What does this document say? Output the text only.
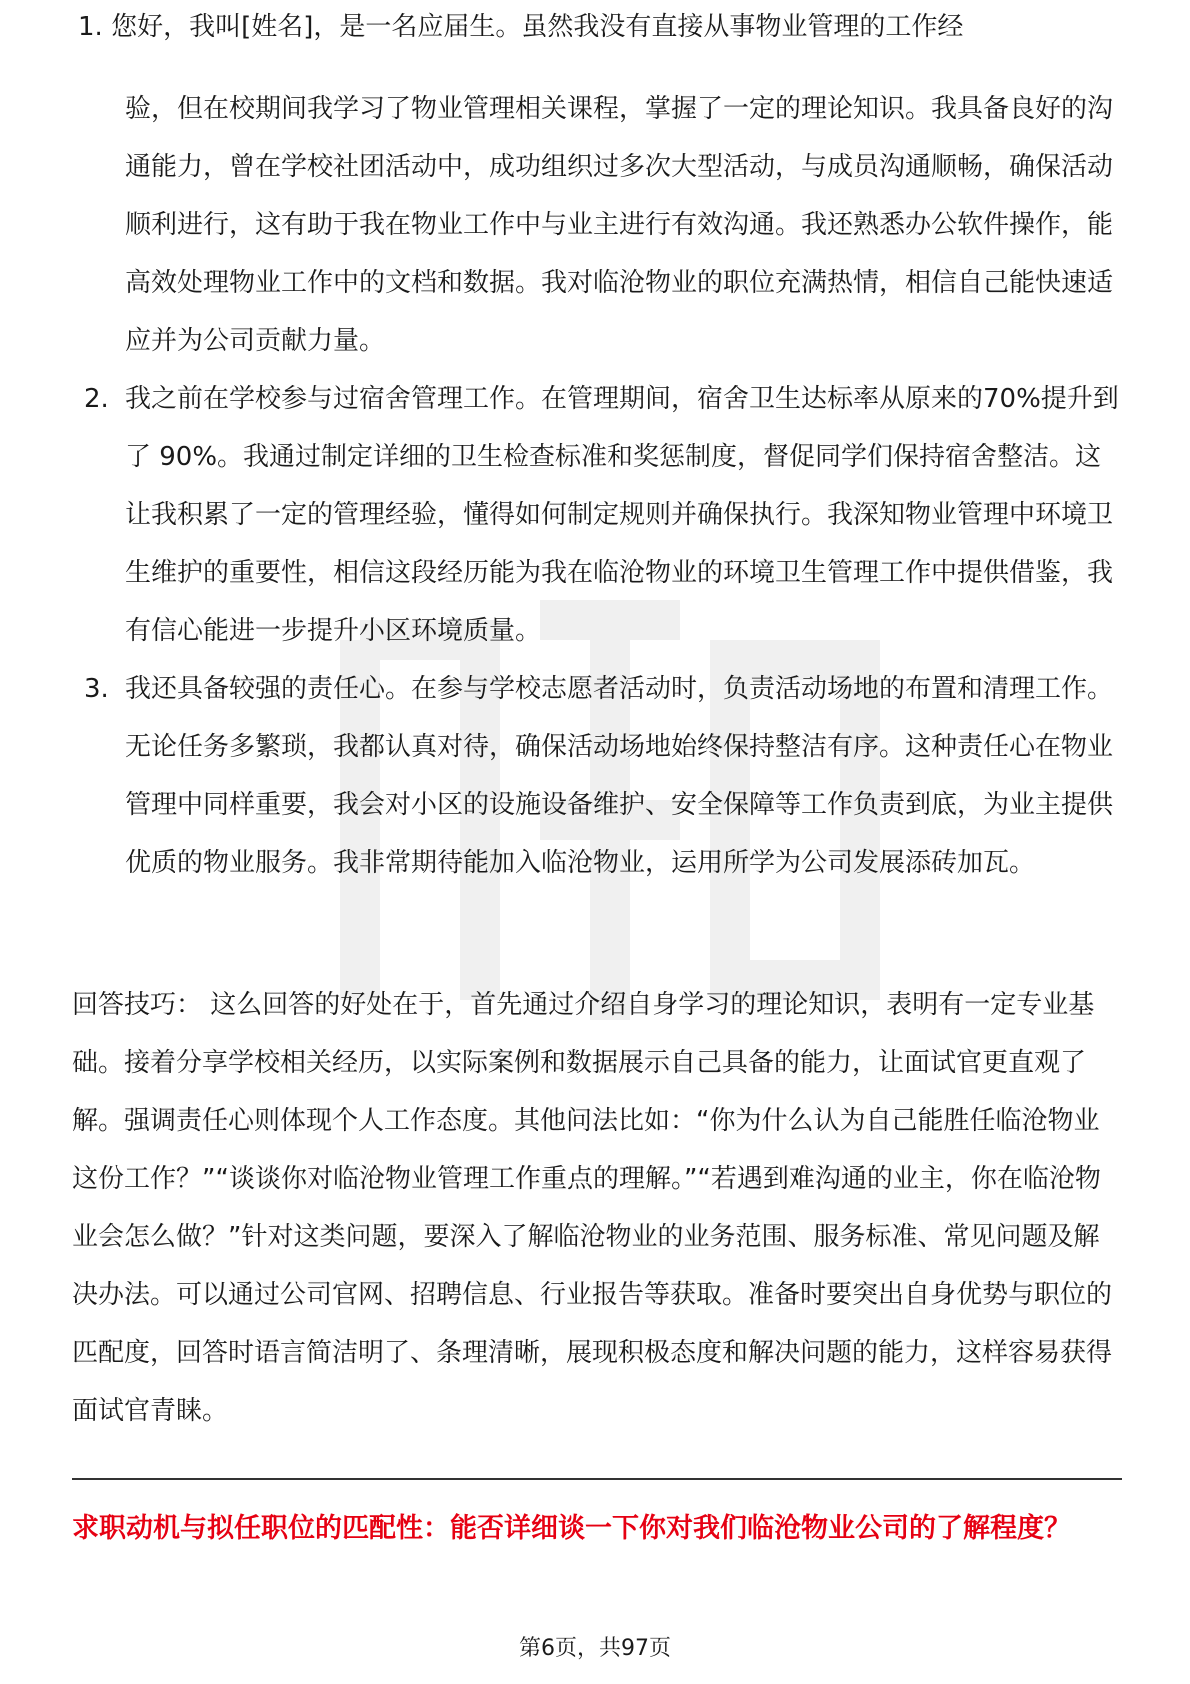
1. 您好，我叫[姓名]，是一名应届生。虽然我没有直接从事物业管理的工作经
验，但在校期间我学习了物业管理相关课程，掌握了一定的理论知识。我具备良好的沟通能力，曾在学校社团活动中，成功组织过多次大型活动，与成员沟通顺畅，确保活动顺利进行，这有助于我在物业工作中与业主进行有效沟通。我还熟悉办公软件操作，能高效处理物业工作中的文档和数据。我对临沧物业的职位充满热情，相信自己能快速适应并为公司贡献力量。
2. 我之前在学校参与过宿舍管理工作。在管理期间，宿舍卫生达标率从原来的70%提升到了 90%。我通过制定详细的卫生检查标准和奖惩制度，督促同学们保持宿舍整洁。这让我积累了一定的管理经验，懂得如何制定规则并确保执行。我深知物业管理中环境卫生维护的重要性，相信这段经历能为我在临沧物业的环境卫生管理工作中提供借鉴，我有信心能进一步提升小区环境质量。
3. 我还具备较强的责任心。在参与学校志愿者活动时，负责活动场地的布置和清理工作。无论任务多繁琐，我都认真对待，确保活动场地始终保持整洁有序。这种责任心在物业管理中同样重要，我会对小区的设施设备维护、安全保障等工作负责到底，为业主提供优质的物业服务。我非常期待能加入临沧物业，运用所学为公司发展添砖加瓦。

回答技巧： 这么回答的好处在于，首先通过介绍自身学习的理论知识，表明有一定专业基础。接着分享学校相关经历，以实际案例和数据展示自己具备的能力，让面试官更直观了解。强调责任心则体现个人工作态度。其他问法比如：“你为什么认为自己能胜任临沧物业这份工作？”“谈谈你对临沧物业管理工作重点的理解。”“若遇到难沟通的业主，你在临沧物业会怎么做？”针对这类问题，要深入了解临沧物业的业务范围、服务标准、常见问题及解决办法。可以通过公司官网、招聘信息、行业报告等获取。准备时要突出自身优势与职位的匹配度，回答时语言简洁明了、条理清晰，展现积极态度和解决问题的能力，这样容易获得面试官青睐。

求职动机与拟任职位的匹配性：能否详细谈一下你对我们临沧物业公司的了解程度？

第6页，共97页
